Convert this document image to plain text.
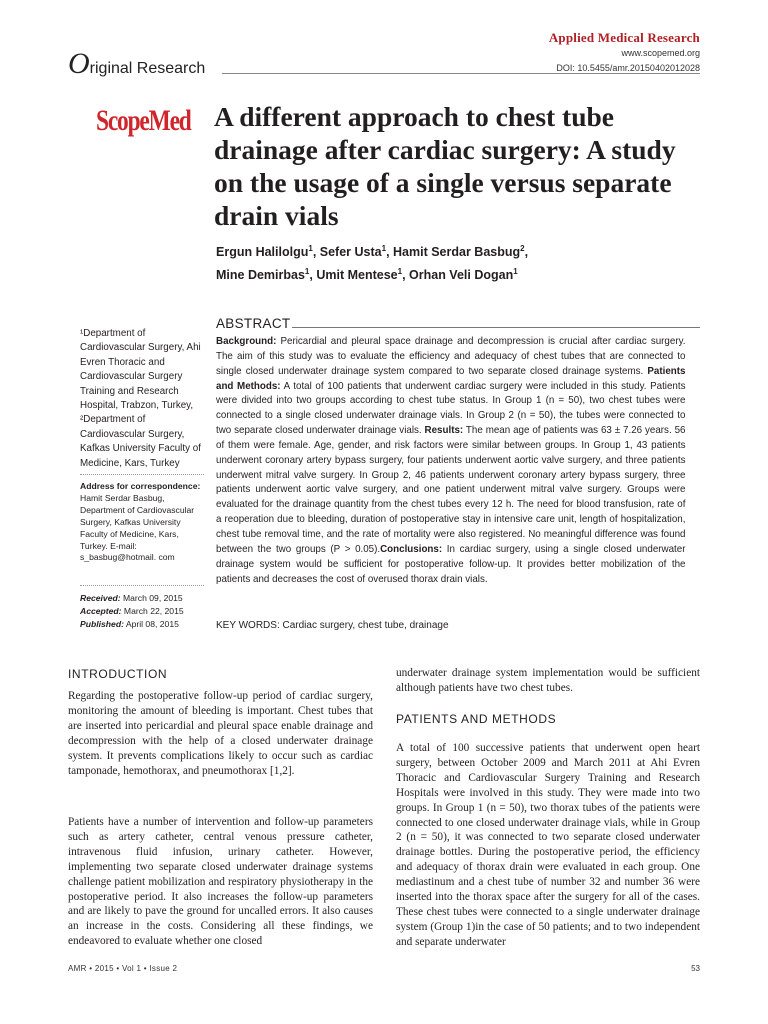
Applied Medical Research
www.scopemed.org
DOI: 10.5455/amr.20150402012028
Original Research
ScopeMed A different approach to chest tube drainage after cardiac surgery: A study on the usage of a single versus separate drain vials
Ergun Halilolgu$^1$, Sefer Usta$^1$, Hamit Serdar Basbug$^2$,
Mine Demirbas$^1$, Umit Mentese$^1$, Orhan Veli Dogan$^1$
¹Department of Cardiovascular Surgery, Ahi Evren Thoracic and Cardiovascular Surgery Training and Research Hospital, Trabzon, Turkey, ²Department of Cardiovascular Surgery, Kafkas University Faculty of Medicine, Kars, Turkey
Address for correspondence:
Hamit Serdar Basbug, Department of Cardiovascular Surgery, Kafkas University Faculty of Medicine, Kars, Turkey. E-mail: s_basbug@hotmail. com
Received: March 09, 2015
Accepted: March 22, 2015
Published: April 08, 2015
ABSTRACT
Background: Pericardial and pleural space drainage and decompression is crucial after cardiac surgery. The aim of this study was to evaluate the efficiency and adequacy of chest tubes that are connected to single closed underwater drainage system compared to two separate closed drainage systems. Patients and Methods: A total of 100 patients that underwent cardiac surgery were included in this study. Patients were divided into two groups according to chest tube status. In Group 1 (n = 50), two chest tubes were connected to a single closed underwater drainage vials. In Group 2 (n = 50), the tubes were connected to two separate closed underwater drainage vials. Results: The mean age of patients was 63 ± 7.26 years. 56 of them were female. Age, gender, and risk factors were similar between groups. In Group 1, 43 patients underwent coronary artery bypass surgery, four patients underwent aortic valve surgery, and three patients underwent mitral valve surgery. In Group 2, 46 patients underwent coronary artery bypass surgery, three patients underwent aortic valve surgery, and one patient underwent mitral valve surgery. Groups were evaluated for the drainage quantity from the chest tubes every 12 h. The need for blood transfusion, rate of a reoperation due to bleeding, duration of postoperative stay in intensive care unit, length of hospitalization, chest tube removal time, and the rate of mortality were also registered. No meaningful difference was found between the two groups (P > 0.05).Conclusions: In cardiac surgery, using a single closed underwater drainage system would be sufficient for postoperative follow-up. It provides better mobilization of the patients and decreases the cost of overused thorax drain vials.
KEY WORDS: Cardiac surgery, chest tube, drainage
INTRODUCTION
Regarding the postoperative follow-up period of cardiac surgery, monitoring the amount of bleeding is important. Chest tubes that are inserted into pericardial and pleural space enable drainage and decompression with the help of a closed underwater drainage system. It prevents complications likely to occur such as cardiac tamponade, hemothorax, and pneumothorax [1,2].
Patients have a number of intervention and follow-up parameters such as artery catheter, central venous pressure catheter, intravenous fluid infusion, urinary catheter. However, implementing two separate closed underwater drainage systems challenge patient mobilization and respiratory physiotherapy in the postoperative period. It also increases the follow-up parameters and are likely to pave the ground for uncalled errors. It also causes an increase in the costs. Considering all these findings, we endeavored to evaluate whether one closed
underwater drainage system implementation would be sufficient although patients have two chest tubes.
PATIENTS AND METHODS
A total of 100 successive patients that underwent open heart surgery, between October 2009 and March 2011 at Ahi Evren Thoracic and Cardiovascular Surgery Training and Research Hospitals were involved in this study. They were made into two groups. In Group 1 (n = 50), two thorax tubes of the patients were connected to one closed underwater drainage vials, while in Group 2 (n = 50), it was connected to two separate closed underwater drainage bottles. During the postoperative period, the efficiency and adequacy of thorax drain were evaluated in each group. One mediastinum and a chest tube of number 32 and number 36 were inserted into the thorax space after the surgery for all of the cases. These chest tubes were connected to a single underwater drainage system (Group 1)in the case of 50 patients; and to two independent and separate underwater
AMR • 2015 • Vol 1 • Issue 2	53
